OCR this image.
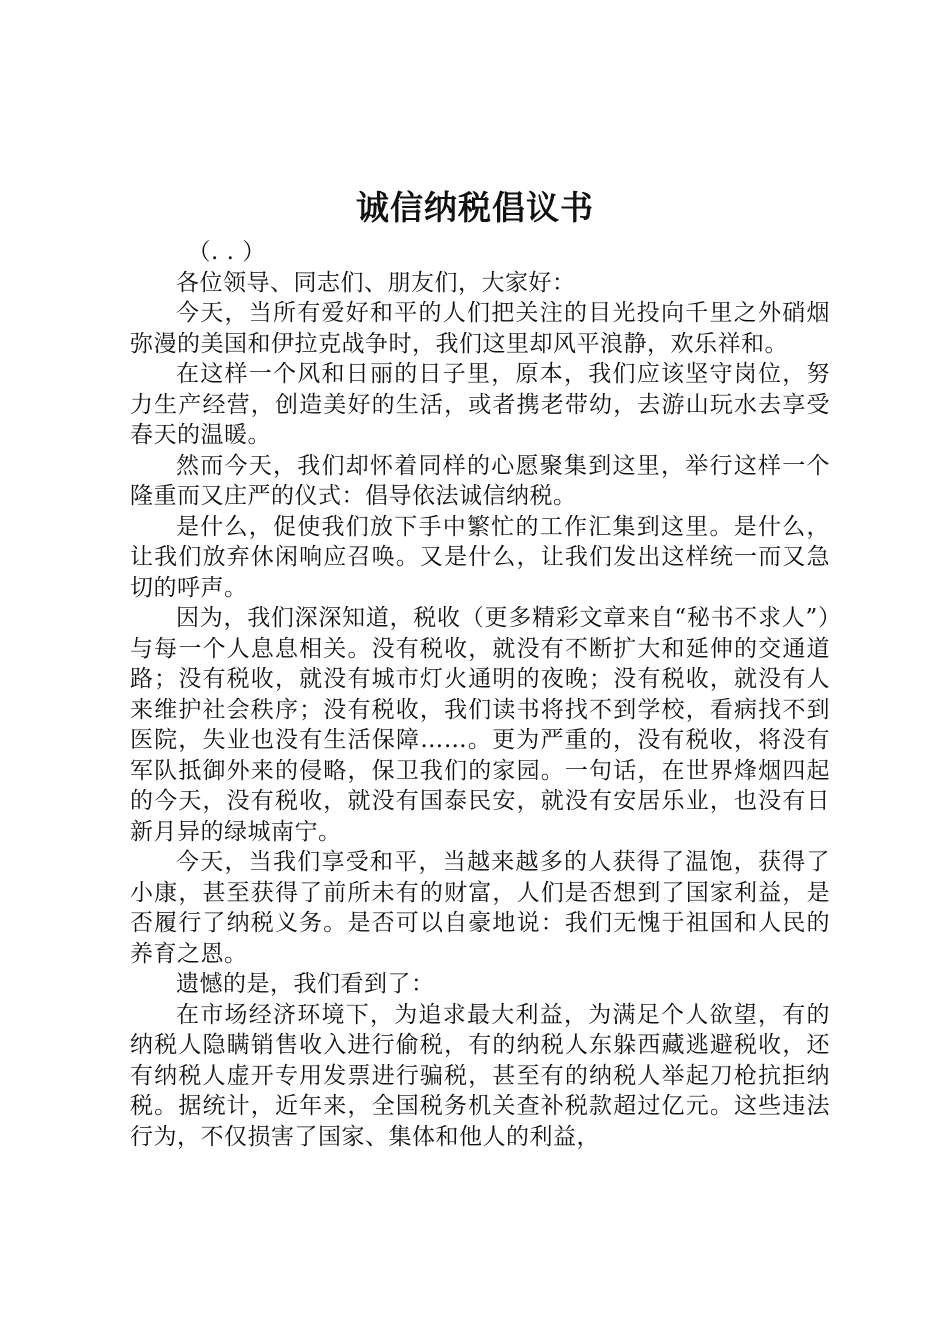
诚信纳税倡议书

（. . ）

各位领导、同志们、朋友们，大家好：

今天，当所有爱好和平的人们把关注的目光投向千里之外硝烟弥漫的美国和伊拉克战争时，我们这里却风平浪静，欢乐祥和。

在这样一个风和日丽的日子里，原本，我们应该坚守岗位，努力生产经营，创造美好的生活，或者携老带幼，去游山玩水去享受春天的温暖。

然而今天，我们却怀着同样的心愿聚集到这里，举行这样一个隆重而又庄严的仪式：倡导依法诚信纳税。

是什么，促使我们放下手中繁忙的工作汇集到这里。是什么，让我们放弃休闲响应召唤。又是什么，让我们发出这样统一而又急切的呼声。

因为，我们深深知道，税收（更多精彩文章来自“秘书不求人”）与每一个人息息相关。没有税收，就没有不断扩大和延伸的交通道路；没有税收，就没有城市灯火通明的夜晚；没有税收，就没有人来维护社会秩序；没有税收，我们读书将找不到学校，看病找不到医院，失业也没有生活保障……。更为严重的，没有税收，将没有军队抵御外来的侵略，保卫我们的家园。一句话，在世界烽烟四起的今天，没有税收，就没有国泰民安，就没有安居乐业，也没有日新月异的绿城南宁。

今天，当我们享受和平，当越来越多的人获得了温饱，获得了小康，甚至获得了前所未有的财富，人们是否想到了国家利益，是否履行了纳税义务。是否可以自豪地说：我们无愧于祖国和人民的养育之恩。

遗憾的是，我们看到了：

在市场经济环境下，为追求最大利益，为满足个人欲望，有的纳税人隐瞒销售收入进行偷税，有的纳税人东躲西藏逃避税收，还有纳税人虚开专用发票进行骗税，甚至有的纳税人举起刀枪抗拒纳税。据统计，近年来，全国税务机关查补税款超过亿元。这些违法行为，不仅损害了国家、集体和他人的利益，
